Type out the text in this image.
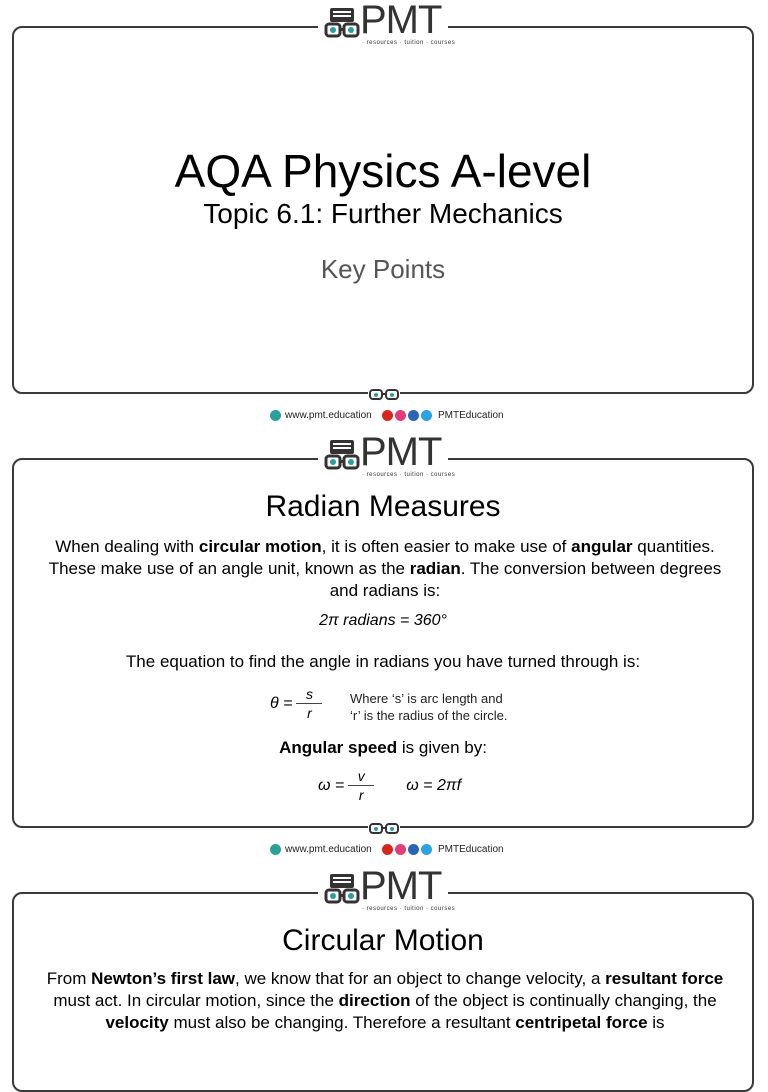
AQA Physics A-level
Topic 6.1: Further Mechanics
Key Points
PMT
· resources · tuition · courses
www.pmt.education	PMTEducation
Radian Measures
When dealing with circular motion, it is often easier to make use of angular quantities. These make use of an angle unit, known as the radian. The conversion between degrees and radians is:
2π radians = 360°
The equation to find the angle in radians you have turned through is:
$\theta = \frac{s}{r}$ Where ‘s’ is arc length and
‘r’ is the radius of the circle.
Angular speed is given by:
$\omega = \frac{v}{r}$ ω = 2πf
PMT
· resources · tuition · courses
www.pmt.education	PMTEducation
Circular Motion
From Newton’s first law, we know that for an object to change velocity, a resultant force must act. In circular motion, since the direction of the object is continually changing, the velocity must also be changing. Therefore a resultant centripetal force is
PMT
· resources · tuition · courses
